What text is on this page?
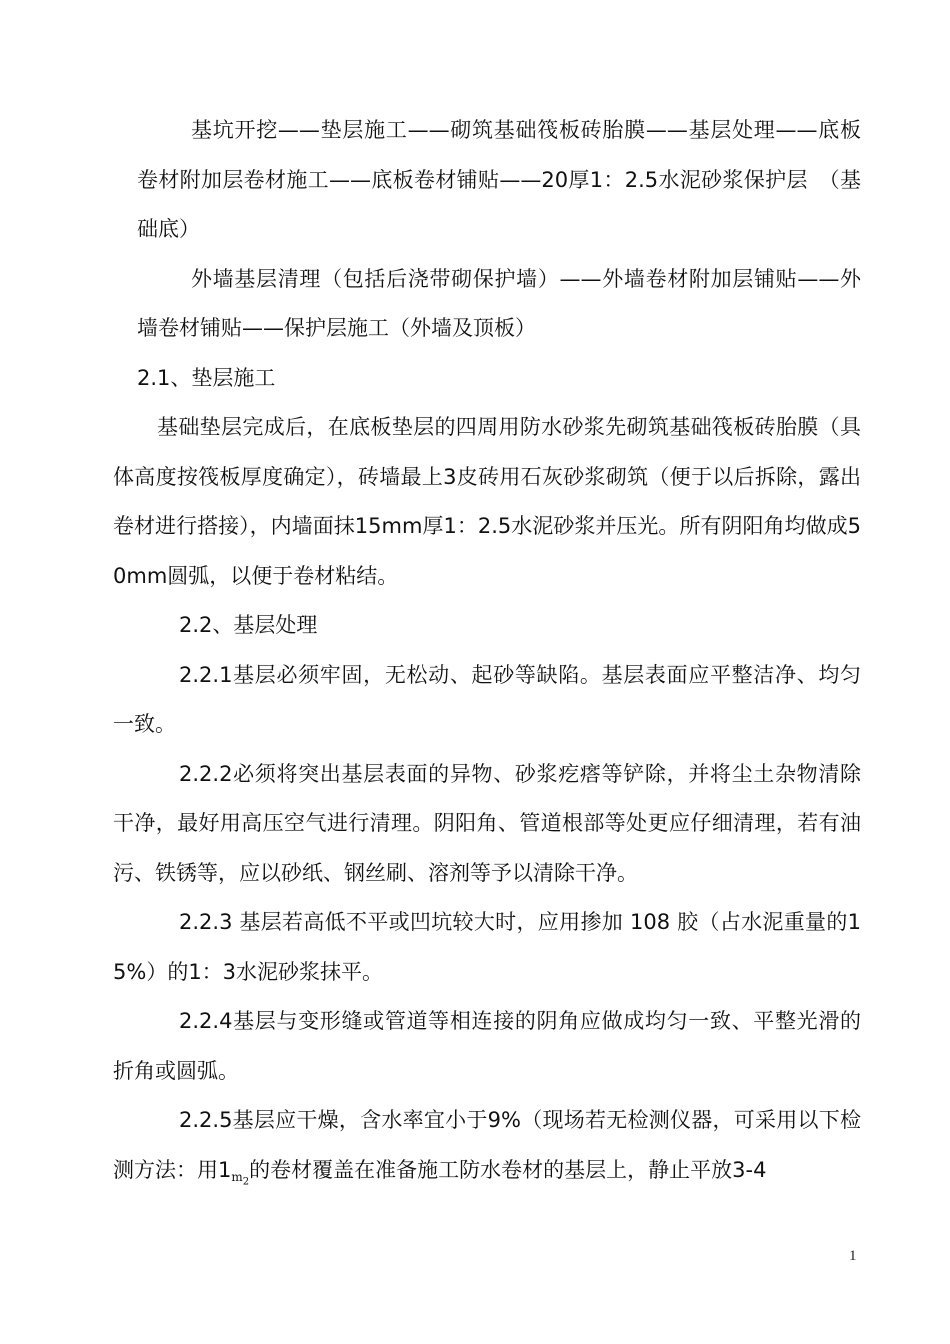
基坑开挖——垫层施工——砌筑基础筏板砖胎膜——基层处理——底板卷材附加层卷材施工——底板卷材铺贴——20厚1：2.5水泥砂浆保护层　（基础底）

外墙基层清理（包括后浇带砌保护墙）——外墙卷材附加层铺贴——外墙卷材铺贴——保护层施工（外墙及顶板）

2.1、垫层施工

基础垫层完成后，在底板垫层的四周用防水砂浆先砌筑基础筏板砖胎膜（具体高度按筏板厚度确定），砖墙最上3皮砖用石灰砂浆砌筑（便于以后拆除，露出卷材进行搭接），内墙面抹15mm厚1：2.5水泥砂浆并压光。所有阴阳角均做成50mm圆弧，以便于卷材粘结。

2.2、基层处理

2.2.1基层必须牢固，无松动、起砂等缺陷。基层表面应平整洁净、均匀一致。

2.2.2必须将突出基层表面的异物、砂浆疙瘩等铲除，并将尘土杂物清除干净，最好用高压空气进行清理。阴阳角、管道根部等处更应仔细清理，若有油污、铁锈等，应以砂纸、钢丝刷、溶剂等予以清除干净。

2.2.3 基层若高低不平或凹坑较大时，应用掺加 108 胶（占水泥重量的15%）的1：3水泥砂浆抹平。

2.2.4基层与变形缝或管道等相连接的阴角应做成均匀一致、平整光滑的折角或圆弧。

2.2.5基层应干燥，含水率宜小于9%（现场若无检测仪器，可采用以下检测方法：用$1m_2$的卷材覆盖在准备施工防水卷材的基层上，静止平放3-4

1
